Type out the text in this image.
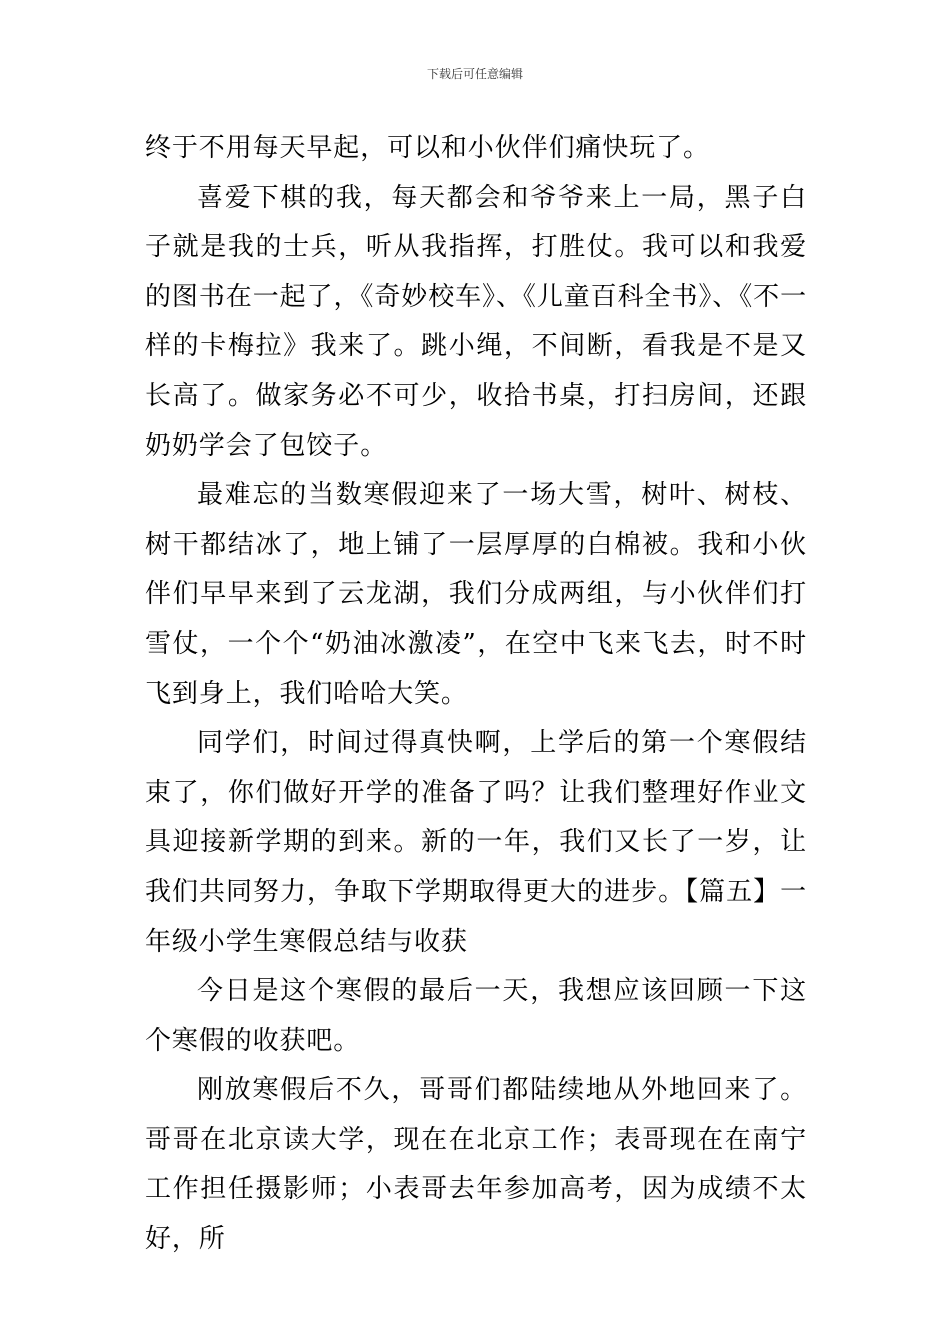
下载后可任意编辑

终于不用每天早起，可以和小伙伴们痛快玩了。

喜爱下棋的我，每天都会和爷爷来上一局，黑子白子就是我的士兵，听从我指挥，打胜仗。我可以和我爱的图书在一起了，《奇妙校车》、《儿童百科全书》、《不一样的卡梅拉》我来了。跳小绳，不间断，看我是不是又长高了。做家务必不可少，收拾书桌，打扫房间，还跟奶奶学会了包饺子。

最难忘的当数寒假迎来了一场大雪，树叶、树枝、树干都结冰了，地上铺了一层厚厚的白棉被。我和小伙伴们早早来到了云龙湖，我们分成两组，与小伙伴们打雪仗，一个个“奶油冰激凌”，在空中飞来飞去，时不时飞到身上，我们哈哈大笑。

同学们，时间过得真快啊，上学后的第一个寒假结束了，你们做好开学的准备了吗？让我们整理好作业文具迎接新学期的到来。新的一年，我们又长了一岁，让我们共同努力，争取下学期取得更大的进步。【篇五】一年级小学生寒假总结与收获

今日是这个寒假的最后一天，我想应该回顾一下这个寒假的收获吧。

刚放寒假后不久，哥哥们都陆续地从外地回来了。哥哥在北京读大学，现在在北京工作；表哥现在在南宁工作担任摄影师；小表哥去年参加高考，因为成绩不太好，所
